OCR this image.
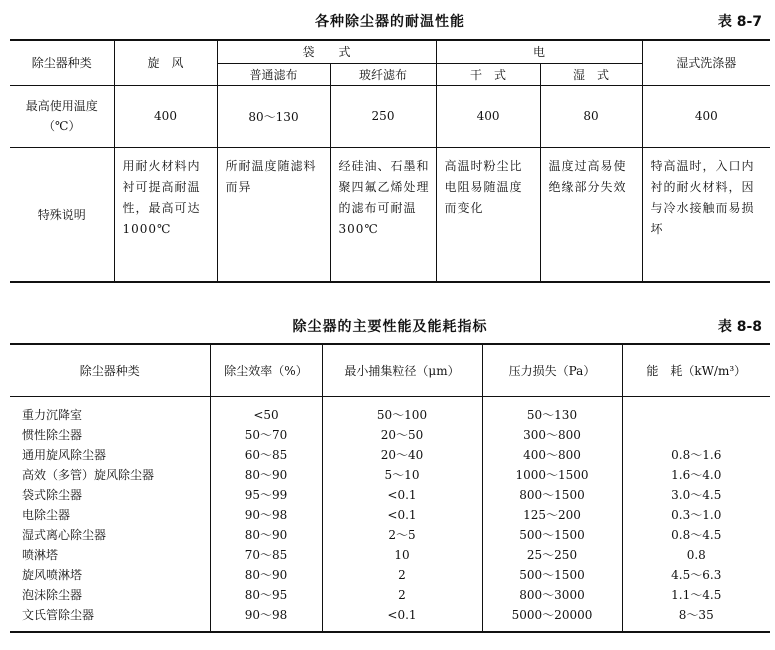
各种除尘器的耐温性能	表 8-7
除尘器种类	旋　风	袋　　式		电		湿式洗涤器
		普通滤布	玻纤滤布	干　式	湿　式	
最高使用温度
（℃）	400	80～130	250	400	80	400
特殊说明	用耐火材料内衬可提高耐温性，最高可达1000℃	所耐温度随滤料而异	经硅油、石墨和聚四氟乙烯处理的滤布可耐温300℃	高温时粉尘比电阻易随温度而变化	温度过高易使绝缘部分失效	特高温时，入口内衬的耐火材料，因与冷水接触而易损坏
除尘器的主要性能及能耗指标	表 8-8
除尘器种类	除尘效率（%）	最小捕集粒径（μm）	压力损失（Pa）	能　耗（kW/m³）
重力沉降室	<50	50～100	50～130	
惯性除尘器	50～70	20～50	300～800	
通用旋风除尘器	60～85	20～40	400～800	0.8～1.6
高效（多管）旋风除尘器	80～90	5～10	1000～1500	1.6～4.0
袋式除尘器	95～99	<0.1	800～1500	3.0～4.5
电除尘器	90～98	<0.1	125～200	0.3～1.0
湿式离心除尘器	80～90	2～5	500～1500	0.8～4.5
喷淋塔	70～85	10	25～250	0.8
旋风喷淋塔	80～90	2	500～1500	4.5～6.3
泡沫除尘器	80～95	2	800～3000	1.1～4.5
文氏管除尘器	90～98	<0.1	5000～20000	8～35
